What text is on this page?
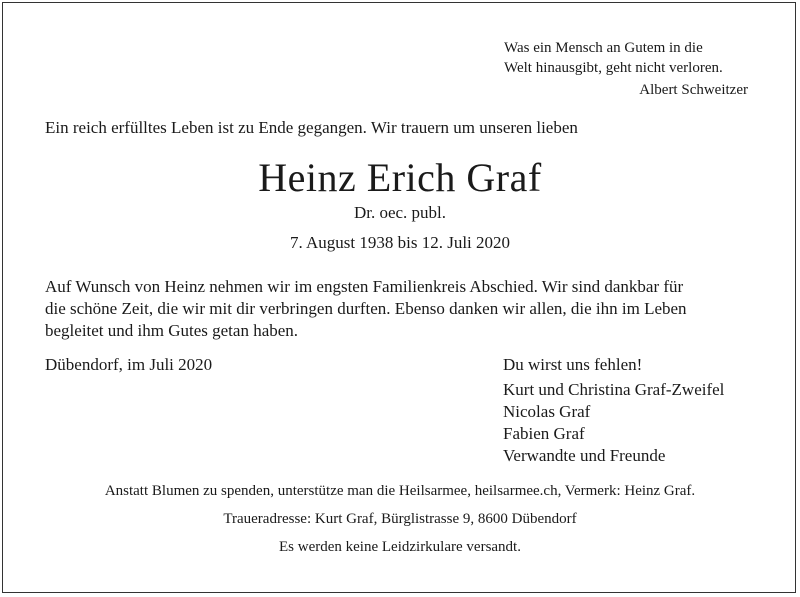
Was ein Mensch an Gutem in die
Welt hinausgibt, geht nicht verloren.
Albert Schweitzer
Ein reich erfülltes Leben ist zu Ende gegangen. Wir trauern um unseren lieben
Heinz Erich Graf
Dr. oec. publ.
7. August 1938 bis 12. Juli 2020
Auf Wunsch von Heinz nehmen wir im engsten Familienkreis Abschied. Wir sind dankbar für
die schöne Zeit, die wir mit dir verbringen durften. Ebenso danken wir allen, die ihn im Leben
begleitet und ihm Gutes getan haben.
Dübendorf, im Juli 2020	Du wirst uns fehlen!
Kurt und Christina Graf-Zweifel
Nicolas Graf
Fabien Graf
Verwandte und Freunde
Anstatt Blumen zu spenden, unterstütze man die Heilsarmee, heilsarmee.ch, Vermerk: Heinz Graf.
Traueradresse: Kurt Graf, Bürglistrasse 9, 8600 Dübendorf
Es werden keine Leidzirkulare versandt.
